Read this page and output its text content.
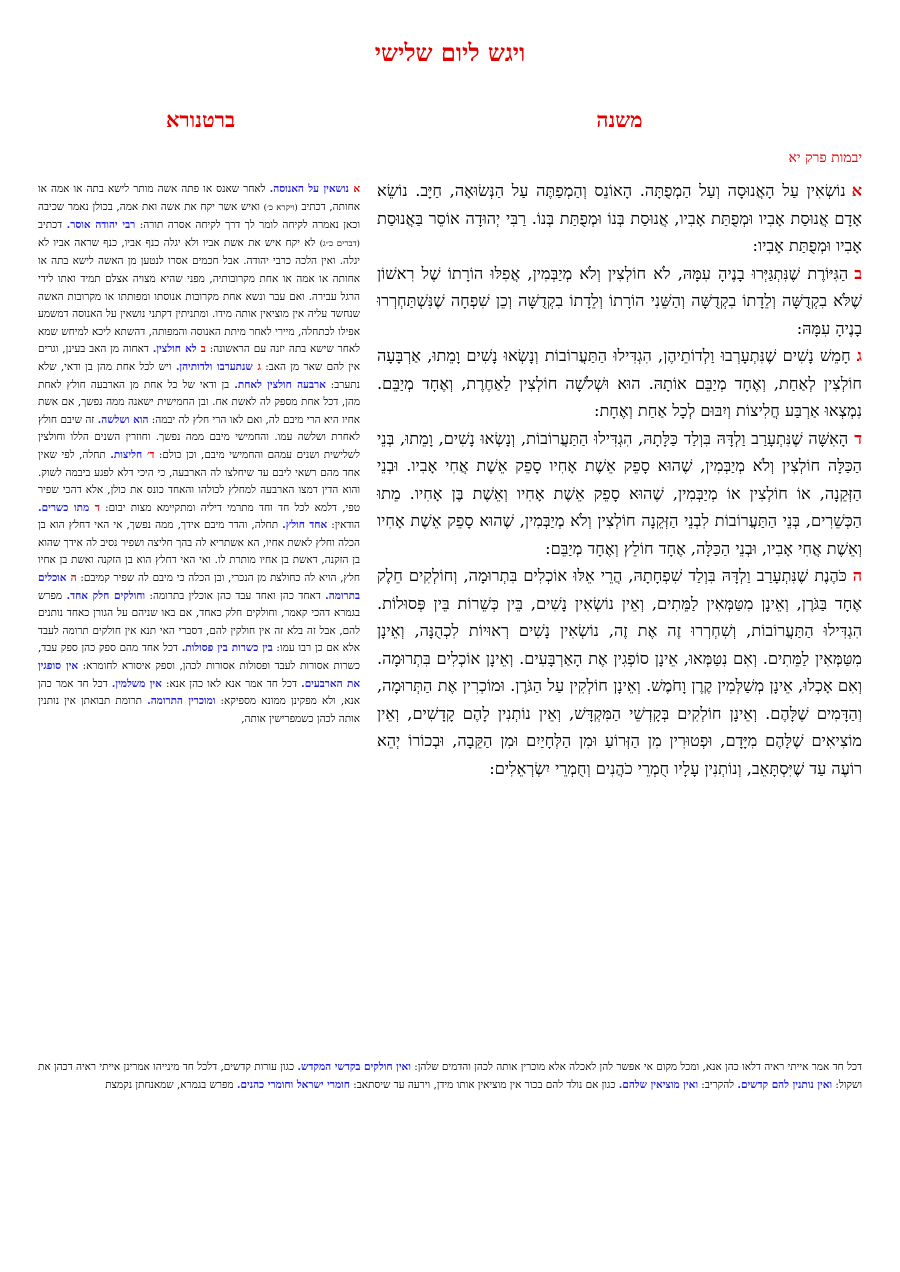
ויגש ליום שלישי
משנה
ברטנורא
יבמות פרק יא

אנוֹשְׂאִין עַל הָאֲנוּסָה וְעַל הַמְפֻתָּה. הָאוֹנֵס וְהַמְפַתֶּה עַל הַנְּשׂוּאָה, חַיָּב. נוֹשֵׂא אָדָם אֲנוּסַת אָבִיו וּמְפֻתַּת אָבִיו, אֲנוּסַת בְּנוֹ וּמְפֻתַּת בְּנוֹ. רַבִּי יְהוּדָה אוֹסֵר בַּאֲנוּסַת אָבִיו וּמְפֻתַּת אָבִיו:

בהַגִּיּוֹרֶת שֶׁנִּתְגַּיְּרוּ בָנֶיהָ עִמָּהּ, לֹא חוֹלְצִין וְלֹא מְיַבְּמִין, אֲפִלּוּ הוֹרָתוֹ שֶׁל רִאשׁוֹן שֶׁלֹּא בִקְדֻשָּׁה וְלֵדָתוֹ בִקְדֻשָּׁה וְהַשֵּׁנִי הוֹרָתוֹ וְלֵדָתוֹ בִקְדֻשָּׁה וְכֵן שִׁפְחָה שֶׁנִּשְׁתַּחְרְרוּ בָנֶיהָ עִמָּהּ:

גחָמֵשׁ נָשִׁים שֶׁנִּתְעָרְבוּ וַלְדוֹתֵיהֶן, הִגְדִּילוּ הַתַּעֲרוֹבוֹת וְנָשְׂאוּ נָשִׁים וָמֵתוּ, אַרְבָּעָה חוֹלְצִין לְאַחַת, וְאֶחָד מְיַבֵּם אוֹתָהּ. הוּא וּשְׁלֹשָׁה חוֹלְצִין לַאַחֶרֶת, וְאֶחָד מְיַבֵּם. נִמְצְאוּ אַרְבַּע חֲלִיצוֹת וְיִבּוּם לְכָל אַחַת וְאֶחָת:

דהָאִשָּׁה שֶׁנִּתְעָרַב וַלְדָּהּ בִּוְלַד כַּלָּתָהּ, הִגְדִּילוּ הַתַּעֲרוֹבוֹת, וְנָשְׂאוּ נָשִׁים, וָמֵתוּ, בְּנֵי הַכַּלָּה חוֹלְצִין וְלֹא מְיַבְּמִין, שֶׁהוּא סָפֵק אֵשֶׁת אָחִיו סָפֵק אֵשֶׁת אֲחִי אָבִיו. וּבְנֵי הַזְּקֵנָה, אוֹ חוֹלְצִין אוֹ מְיַבְּמִין, שֶׁהוּא סָפֵק אֵשֶׁת אָחִיו וְאֵשֶׁת בֶּן אָחִיו. מֵתוּ הַכְּשֵׁרִים, בְּנֵי הַתַּעֲרוֹבוֹת לִבְנֵי הַזְּקֵנָה חוֹלְצִין וְלֹא מְיַבְּמִין, שֶׁהוּא סָפֵק אֵשֶׁת אָחִיו וְאֵשֶׁת אֲחִי אָבִיו, וּבְנֵי הַכַּלָּה, אֶחָד חוֹלֵץ וְאֶחָד מְיַבֵּם:

הכֹּהֶנֶת שֶׁנִּתְעָרַב וַלְדָּהּ בִּוְלַד שִׁפְחָתָהּ, הֲרֵי אֵלּוּ אוֹכְלִים בִּתְרוּמָה, וְחוֹלְקִים חֵלֶק אֶחָד בַּגֹּרֶן, וְאֵינָן מִטַּמְּאִין לַמֵּתִים, וְאֵין נוֹשְׂאִין נָשִׁים, בֵּין כְּשֵׁרוֹת בֵּין פְּסוּלוֹת. הִגְדִּילוּ הַתַּעֲרוֹבוֹת, וְשִׁחְרְרוּ זֶה אֶת זֶה, נוֹשְׂאִין נָשִׁים רְאוּיוֹת לִכְהֻנָּה, וְאֵינָן מִטַּמְּאִין לַמֵּתִים. וְאִם נִטַּמְּאוּ, אֵינָן סוֹפְגִין אֶת הָאַרְבָּעִים. וְאֵינָן אוֹכְלִים בִּתְרוּמָה. וְאִם אָכְלוּ, אֵינָן מְשַׁלְּמִין קֶרֶן וָחֹמֶשׁ. וְאֵינָן חוֹלְקִין עַל הַגֹּרֶן. וּמוֹכְרִין אֶת הַתְּרוּמָה, וְהַדָּמִים שֶׁלָּהֶם. וְאֵינָן חוֹלְקִים בְּקָדְשֵׁי הַמִּקְדָּשׁ, וְאֵין נוֹתְנִין לָהֶם קָדָשִׁים, וְאֵין מוֹצִיאִים שֶׁלָּהֶם מִיָּדָם, וּפְטוּרִין מִן הַזְּרוֹעַ וּמִן הַלְּחָיַיִם וּמִן הַקֵּבָה, וּבְכוֹרוֹ יְהֵא רוֹעֶה עַד שֶׁיִּסְתָּאֵב, וְנוֹתְנִין עָלָיו חֻמְרֵי כֹהֲנִים וְחֻמְרֵי יִשְׂרְאֵלִים:

א נושאין על האנוסה. לאחר שאנס או פתה אשה מותר לישא בתה או אמה או אחותה, דכתיב (ויקרא כ׳) ואיש אשר יקח את אשה ואת אמה, בכולן נאמר שכיבה וכאן נאמרה לקיחה לומר לך דרך לקיחה אסרה תורה: רבי יהודה אוסר. דכתיב (דברים כ״ג) לא יקח איש את אשת אביו ולא יגלה כנף אביו, כנף שראה אביו לא יגלה. ואין הלכה כרבי יהודה. אבל חכמים אסרו לנטען מן האשה לישא בתה או אחותה או אמה או אחת מקרובותיה, מפני שהיא מצויה אצלם תמיד ואתו לידי הרגל עבירה. ואם עבר ונשא אחת מקרובות אנוסתו ומפותתו או מקרובות האשה שנחשד עליה אין מוציאין אותה מידו. ומתניתין דקתני נושאין על האנוסה דמשמע אפילו לכתחלה, מיירי לאחר מיתת האנוסה והמפותה, דהשתא ליכא למיחש שמא לאחר שישא בתה יזנה עם הראשונה: ב לא חולצין. דאחוה מן האב בעינן, וגרים אין להם שאר מן האב: ג שנתערבו ולדותיהן. ויש לכל אחת מהן בן ודאי, שלא נתערב: ארבעה חולצין לאחת. בן ודאי של כל אחת מן הארבעה חולץ לאחת מהן, דכל אחת מספק לה לאשת אח. ובן החמישית ישאנה ממה נפשך, אם אשת אחיו היא הרי מיבם לה, ואם לאו הרי חלץ לה יבמה: הוא ושלשה. זה שיבם חולץ לאחרת ושלשה עמו. והחמישי מיבם ממה נפשך. וחוזרין השנים הללו וחולצין לשלישית ושנים עמהם והחמישי מיבם, וכן כולם: ד׳ חליצות. תחלה, לפי שאין אחד מהם רשאי ליבם עד שיחלצו לה הארבעה, כי היכי דלא לפגע ביבמה לשוק. והוא הדין דמצו הארבעה למחלץ לכולהו והאחד כונס את כולן, אלא דהכי שפיר טפי, דלמא לכל חד וחד מתרמי דיליה ומתקיימא מצות יבום: ד מתו כשרים. הודאין: אחד חולץ. תחלה, והדר מיבם אידך, ממה נפשך, אי האי דחלץ הוא בן הכלה וחלץ לאשת אחיו, הא אשתריא לה בהך חליצה ושפיר נסיב לה אידך שהוא בן הזקנה, דאשת בן אחיו מותרת לו. ואי האי דחלץ הוא בן הזקנה ואשת בן אחיו חלץ, הויא לה כחולצת מן הנכרי, ובן הכלה כי מיבם לה שפיר קמיבם: ה אוכלים בתרומה. דאחד כהן ואחד עבד כהן אוכלין בתרומה: וחולקים חלק אחד. מפרש בגמרא דהכי קאמר, וחולקים חלק כאחד, אם באו שניהם על הגורן כאחד נותנים להם, אבל זה בלא זה אין חולקין להם, דסברי האי תנא אין חולקים תרומה לעבד אלא אם כן רבו עמו: בין כשרות בין פסולות. דכל אחד מהם ספק כהן ספק עבד, כשרות אסורות לעבד ופסולות אסורות לכהן, וספק איסורא לחומרא: אין סופגין את הארבעים. דכל חד אמר אנא לאו כהן אנא: אין משלמין. דכל חד אמר כהן אנא, ולא מפקינן ממונא מספיקא: ומוכרין התרומה. תרומת תבואתן אין נותנין אותה לכהן כשמפרישין אותה,
דכל חד אמר אייתי ראיה דלאו כהן אנא, ומכל מקום אי אפשר להן לאכלה אלא מוכרין אותה לכהן והדמים שלהן: ואין חולקים בקדשי המקדש. כגון עורות קדשים, דלכל חד מינייהו אמרינן אייתי ראיה דכהן את ושקול: ואין נותנין להם קדשים. להקריב: ואין מוציאין שלהם. כגון אם נולד להם בכור אין מוציאין אותו מידן, וירעה עד שיסתאב: חומרי ישראל וחומרי כהנים. מפרש בגמרא, שמאנחתן נקמצת
